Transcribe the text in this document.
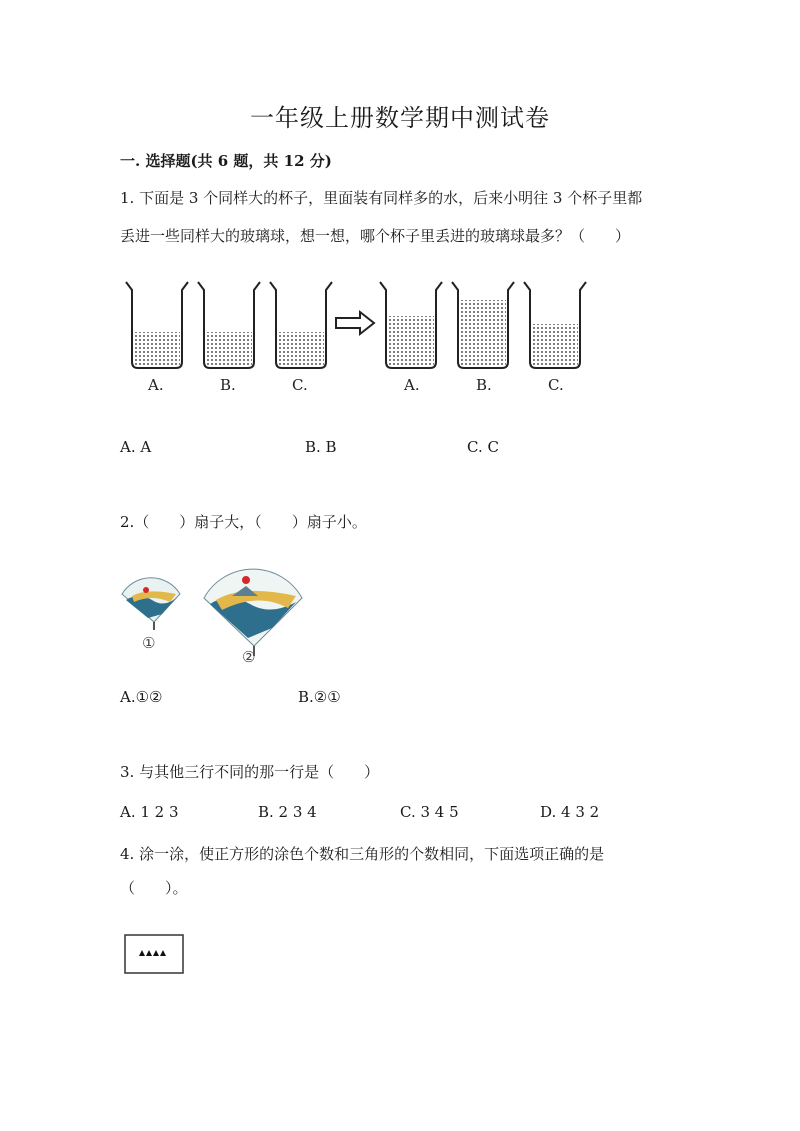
一年级上册数学期中测试卷
一. 选择题(共 6 题，共 12 分)
1. 下面是 3 个同样大的杯子，里面装有同样多的水，后来小明往 3 个杯子里都
丢进一些同样大的玻璃球，想一想，哪个杯子里丢进的玻璃球最多？（　　）
A.	B.	C.	A.	B.	C.
A. A	B. B	C. C
2.（　　）扇子大，（　　）扇子小。
①
②
A.①②	B.②①
3. 与其他三行不同的那一行是（　　）
A. 1 2 3	B. 2 3 4	C. 3 4 5	D. 4 3 2
4. 涂一涂，使正方形的涂色个数和三角形的个数相同，下面选项正确的是
（　　）。
